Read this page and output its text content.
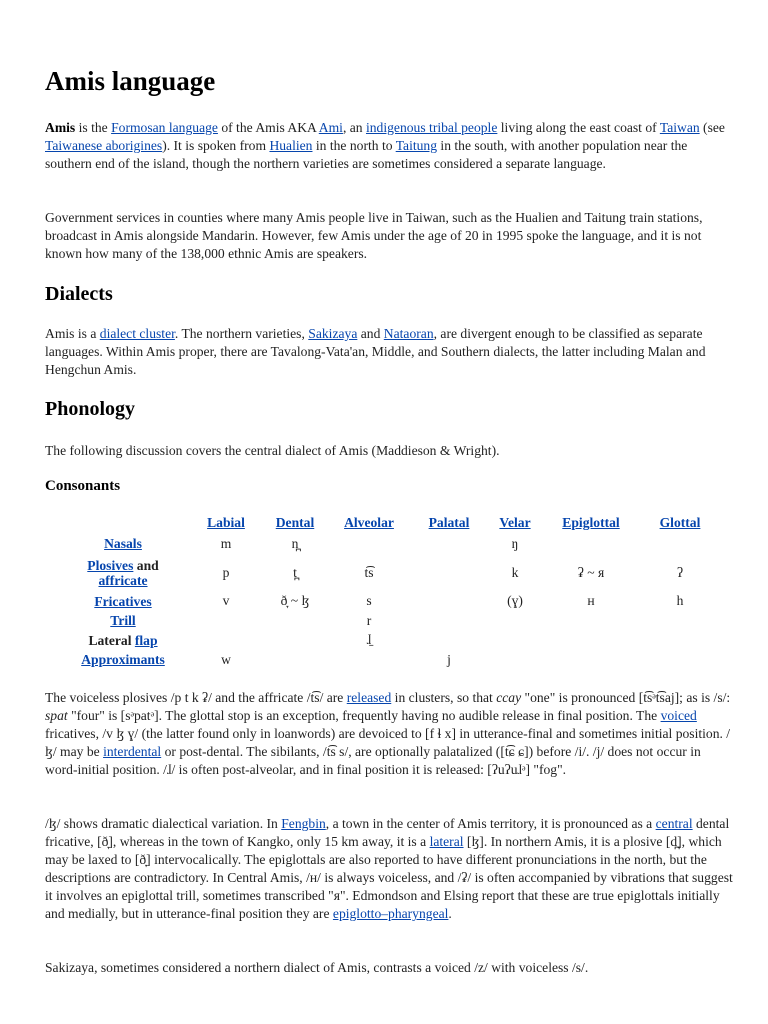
Amis language

Amis is the Formosan language of the Amis AKA Ami, an indigenous tribal people living along the east coast of Taiwan (see Taiwanese aborigines). It is spoken from Hualien in the north to Taitung in the south, with another population near the southern end of the island, though the northern varieties are sometimes considered a separate language.

Government services in counties where many Amis people live in Taiwan, such as the Hualien and Taitung train stations, broadcast in Amis alongside Mandarin. However, few Amis under the age of 20 in 1995 spoke the language, and it is not known how many of the 138,000 ethnic Amis are speakers.

Dialects

Amis is a dialect cluster. The northern varieties, Sakizaya and Nataoran, are divergent enough to be classified as separate languages. Within Amis proper, there are Tavalong-Vata'an, Middle, and Southern dialects, the latter including Malan and Hengchun Amis.

Phonology

The following discussion covers the central dialect of Amis (Maddieson & Wright).

Consonants
	Labial	Dental	Alveolar	Palatal	Velar	Epiglottal	Glottal
Nasals	m	n̪			ŋ		
Plosives and
affricate	p	t̪	t͡s		k	ʡ ~ я	ʔ
Fricatives	v	ð̞ ~ ɮ	s		(ɣ)	ʜ	h
Trill			r				
Lateral flap			ɺ̠				
Approximants	w			j			

The voiceless plosives /p t k ʡ/ and the affricate /t͡s/ are released in clusters, so that ccay "one" is pronounced [t͡sᵊt͡saj]; as is /s/: spat "four" is [sᵊpatᵊ]. The glottal stop is an exception, frequently having no audible release in final position. The voiced fricatives, /v ɮ ɣ/ (the latter found only in loanwords) are devoiced to [f ɬ x] in utterance-final and sometimes initial position. /ɮ/ may be interdental or post-dental. The sibilants, /t͡s s/, are optionally palatalized ([t͡ɕ ɕ]) before /i/. /j/ does not occur in word-initial position. /ɺ/ is often post-alveolar, and in final position it is released: [ʔuʔuɺᵊ] "fog".

/ɮ/ shows dramatic dialectical variation. In Fengbin, a town in the center of Amis territory, it is pronounced as a central dental fricative, [ð̞], whereas in the town of Kangko, only 15 km away, it is a lateral [ɮ]. In northern Amis, it is a plosive [d̪], which may be laxed to [ð̞] intervocalically. The epiglottals are also reported to have different pronunciations in the north, but the descriptions are contradictory. In Central Amis, /ʜ/ is always voiceless, and /ʡ/ is often accompanied by vibrations that suggest it involves an epiglottal trill, sometimes transcribed "я". Edmondson and Elsing report that these are true epiglottals initially and medially, but in utterance-final position they are epiglotto–pharyngeal.

Sakizaya, sometimes considered a northern dialect of Amis, contrasts a voiced /z/ with voiceless /s/.
